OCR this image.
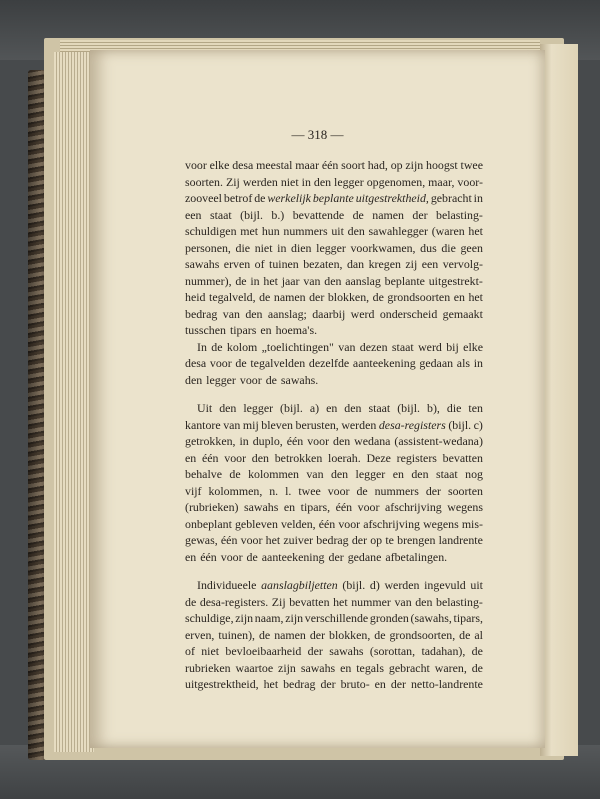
— 318 —
voor elke desa meestal maar één soort had, op zijn hoogst twee
soorten. Zij werden niet in den legger opgenomen, maar, voor-
zooveel betrof de werkelijk beplante uitgestrektheid, gebracht in
een staat (bijl. b.) bevattende de namen der belasting-
schuldigen met hun nummers uit den sawahlegger (waren het
personen, die niet in dien legger voorkwamen, dus die geen
sawahs erven of tuinen bezaten, dan kregen zij een vervolg-
nummer), de in het jaar van den aanslag beplante uitgestrekt-
heid tegalveld, de namen der blokken, de grondsoorten en het
bedrag van den aanslag; daarbij werd onderscheid gemaakt
tusschen tipars en hoema's.
In de kolom „toelichtingen" van dezen staat werd bij elke
desa voor de tegalvelden dezelfde aanteekening gedaan als in
den legger voor de sawahs.
Uit den legger (bijl. a) en den staat (bijl. b), die ten
kantore van mij bleven berusten, werden desa-registers (bijl. c)
getrokken, in duplo, één voor den wedana (assistent-wedana)
en één voor den betrokken loerah. Deze registers bevatten
behalve de kolommen van den legger en den staat nog
vijf kolommen, n. l. twee voor de nummers der soorten
(rubrieken) sawahs en tipars, één voor afschrijving wegens
onbeplant gebleven velden, één voor afschrijving wegens mis-
gewas, één voor het zuiver bedrag der op te brengen landrente
en één voor de aanteekening der gedane afbetalingen.
Individueele aanslagbiljetten (bijl. d) werden ingevuld uit
de desa-registers. Zij bevatten het nummer van den belasting-
schuldige, zijn naam, zijn verschillende gronden (sawahs, tipars,
erven, tuinen), de namen der blokken, de grondsoorten, de al
of niet bevloeibaarheid der sawahs (sorottan, tadahan), de
rubrieken waartoe zijn sawahs en tegals gebracht waren, de
uitgestrektheid, het bedrag der bruto- en der netto-landrente
